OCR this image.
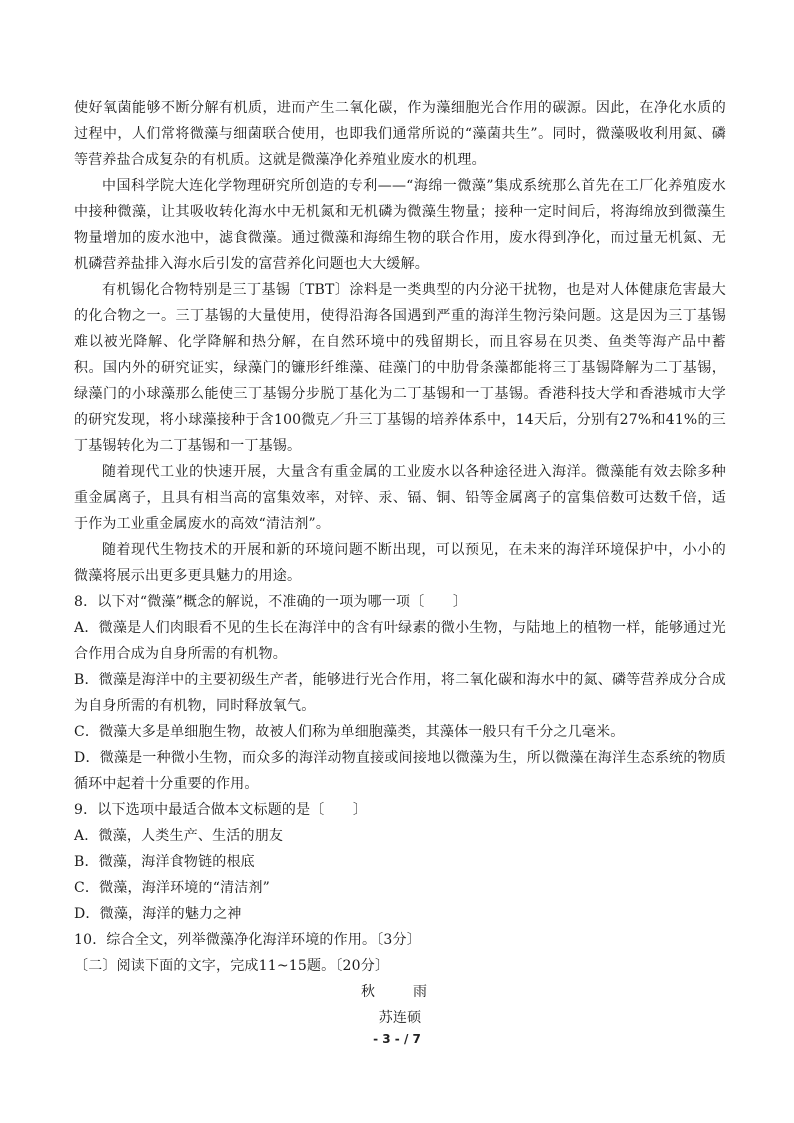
使好氧菌能够不断分解有机质，进而产生二氧化碳，作为藻细胞光合作用的碳源。因此，在净化水质的过程中，人们常将微藻与细菌联合使用，也即我们通常所说的“藻菌共生”。同时，微藻吸收利用氮、磷等营养盐合成复杂的有机质。这就是微藻净化养殖业废水的机理。

中国科学院大连化学物理研究所创造的专利——“海绵一微藻”集成系统那么首先在工厂化养殖废水中接种微藻，让其吸收转化海水中无机氮和无机磷为微藻生物量；接种一定时间后，将海绵放到微藻生物量增加的废水池中，滤食微藻。通过微藻和海绵生物的联合作用，废水得到净化，而过量无机氮、无机磷营养盐排入海水后引发的富营养化问题也大大缓解。

有机锡化合物特别是三丁基锡〔TBT〕涂料是一类典型的内分泌干扰物，也是对人体健康危害最大的化合物之一。三丁基锡的大量使用，使得沿海各国遇到严重的海洋生物污染问题。这是因为三丁基锡难以被光降解、化学降解和热分解，在自然环境中的残留期长，而且容易在贝类、鱼类等海产品中蓄积。国内外的研究证实，绿藻门的镰形纤维藻、硅藻门的中肋骨条藻都能将三丁基锡降解为二丁基锡，绿藻门的小球藻那么能使三丁基锡分步脱丁基化为二丁基锡和一丁基锡。香港科技大学和香港城市大学的研究发现，将小球藻接种于含100微克／升三丁基锡的培养体系中，14天后，分别有27%和41%的三丁基锡转化为二丁基锡和一丁基锡。

随着现代工业的快速开展，大量含有重金属的工业废水以各种途径进入海洋。微藻能有效去除多种重金属离子，且具有相当高的富集效率，对锌、汞、镉、铜、铅等金属离子的富集倍数可达数千倍，适于作为工业重金属废水的高效“清洁剂”。

随着现代生物技术的开展和新的环境问题不断出现，可以预见，在未来的海洋环境保护中，小小的微藻将展示出更多更具魅力的用途。

8．以下对“微藻”概念的解说，不准确的一项为哪一项〔　　〕

A．微藻是人们肉眼看不见的生长在海洋中的含有叶绿素的微小生物，与陆地上的植物一样，能够通过光合作用合成为自身所需的有机物。

B．微藻是海洋中的主要初级生产者，能够进行光合作用，将二氧化碳和海水中的氮、磷等营养成分合成为自身所需的有机物，同时释放氧气。

C．微藻大多是单细胞生物，故被人们称为单细胞藻类，其藻体一般只有千分之几毫米。

D．微藻是一种微小生物，而众多的海洋动物直接或间接地以微藻为生，所以微藻在海洋生态系统的物质循环中起着十分重要的作用。

9．以下选项中最适合做本文标题的是〔　　〕

A．微藻，人类生产、生活的朋友

B．微藻，海洋食物链的根底

C．微藻，海洋环境的“清洁剂”

D．微藻，海洋的魅力之神

10．综合全文，列举微藻净化海洋环境的作用。〔3分〕

〔二〕阅读下面的文字，完成11~15题。〔20分〕

秋　雨

苏连硕

- 3 - / 7
